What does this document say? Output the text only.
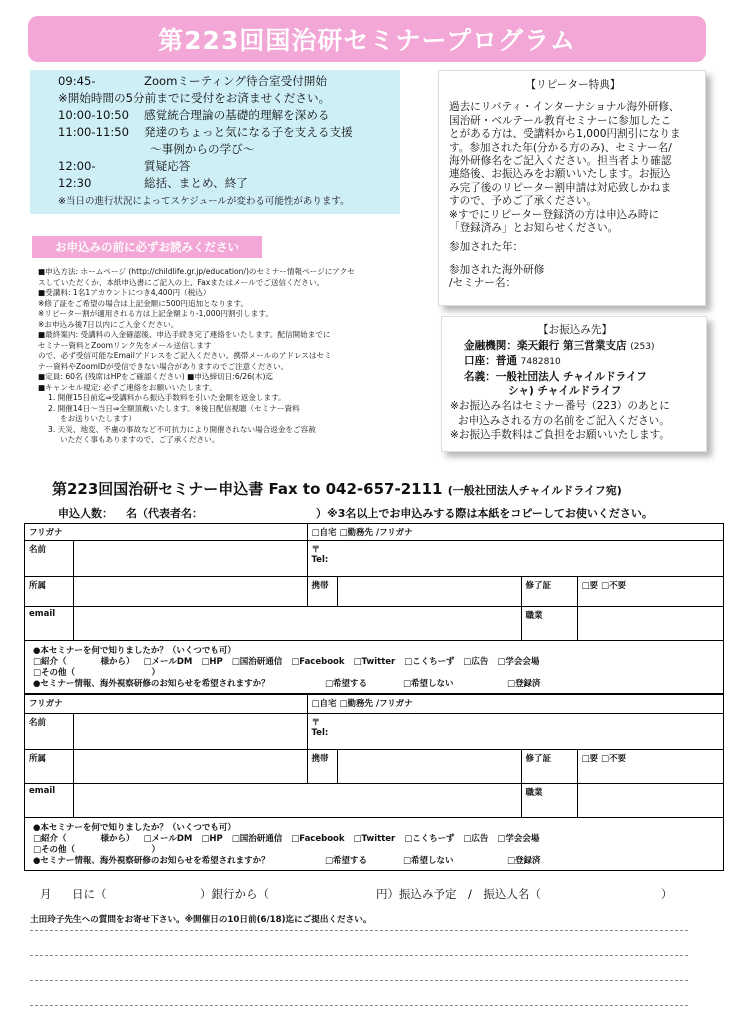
第223回国治研セミナープログラム
09:45-	Zoomミーティング待合室受付開始
※開始時間の5分前までに受付をお済ませください。
10:00-10:50	感覚統合理論の基礎的理解を深める
11:00-11:50	発達のちょっと気になる子を支える支援
～事例からの学び～
12:00-	質疑応答
12:30	総括、まとめ、終了
※当日の進行状況によってスケジュールが変わる可能性があります。
【リピーター特典】
過去にリバティ・インターナショナル海外研修、
国治研・ベルテール教育セミナーに参加したこ
とがある方は、受講料から1,000円割引になりま
す。参加された年(分かる方のみ)、セミナー名/
海外研修名をご記入ください。担当者より確認
連絡後、お振込みをお願いいたします。お振込
み完了後のリピーター割申請は対応致しかねま
すので、予めご了承ください。
※すでにリピーター登録済の方は申込み時に
「登録済み」とお知らせください。
参加された年：
参加された海外研修
/セミナー名：
お申込みの前に必ずお読みください
■申込方法: ホームページ (http://childlife.gr.jp/education/)のセミナー情報ページにアクセ
スしていただくか、本紙申込書にご記入の上、Faxまたはメールでご送信ください。
■受講料: 1名1アカウントにつき4,400円（税込）
※修了証をご希望の場合は上記金額に500円追加となります。
※リピーター割が適用される方は上記金額より-1,000円割引します。
※お申込み後7日以内にご入金ください。
■最終案内: 受講料の入金確認後、申込手続き完了連絡をいたします。配信開始までに
セミナー資料とZoomリンク先をメール送信します
ので、必ず受信可能なEmailアドレスをご記入ください。携帯メールのアドレスはセミ
ナー資料やZoomIDが受信できない場合がありますのでご注意ください。
■定員: 60名 (残席はHPをご確認ください) ■申込締切日:6/26(木)迄
■キャンセル規定: 必ずご連絡をお願いいたします。
1. 開催15日前迄⇒受講料から振込手数料を引いた金額を返金します。
2. 開催14日～当日⇒全額頂戴いたします。※後日配信視聴（セミナー資料
をお送りいたします）
3. 天災、地変、不慮の事故など不可抗力により開催されない場合返金をご容赦
いただく事もありますので、ご了承ください。
【お振込み先】
金融機関：楽天銀行 第三営業支店 (253)
口座：普通 7482810
名義：一般社団法人 チャイルドライフ
シャ) チャイルドライフ
※お振込み名はセミナー番号（223）のあとに
お申込みされる方の名前をご記入ください。
※お振込手数料はご負担をお願いいたします。
第223回国治研セミナー申込書 Fax to 042-657-2111 (一般社団法人チャイルドライフ宛)
申込人数： 名（代表者名：	）※3名以上でお申込みする際は本紙をコピーしてお使いください。
フリガナ		□自宅 □勤務先 /フリガナ			
名前		〒
Tel:			

所属		携帯		修了証	□要 □不要
email				職業	
●本セミナーを何で知りましたか？（いくつでも可）
□紹介（　　　　様から） □メールDM □HP □国治研通信 □Facebook □Twitter □こくちーず □広告 □学会会場
□その他（　　　　　　　　　）
●セミナー情報、海外視察研修のお知らせを希望されますか？	□希望する	□希望しない	□登録済
フリガナ		□自宅 □勤務先 /フリガナ			
名前		〒
Tel:			

所属		携帯		修了証	□要 □不要
email				職業	
●本セミナーを何で知りましたか？（いくつでも可）
□紹介（　　　　様から） □メールDM □HP □国治研通信 □Facebook □Twitter □こくちーず □広告 □学会会場
□その他（　　　　　　　　　）
●セミナー情報、海外視察研修のお知らせを希望されますか？	□希望する	□希望しない	□登録済
月 日に（	）銀行から（	円）振込み予定　/　振込人名（	）
土田玲子先生への質問をお寄せ下さい。※開催日の10日前(6/18)迄にご提出ください。
